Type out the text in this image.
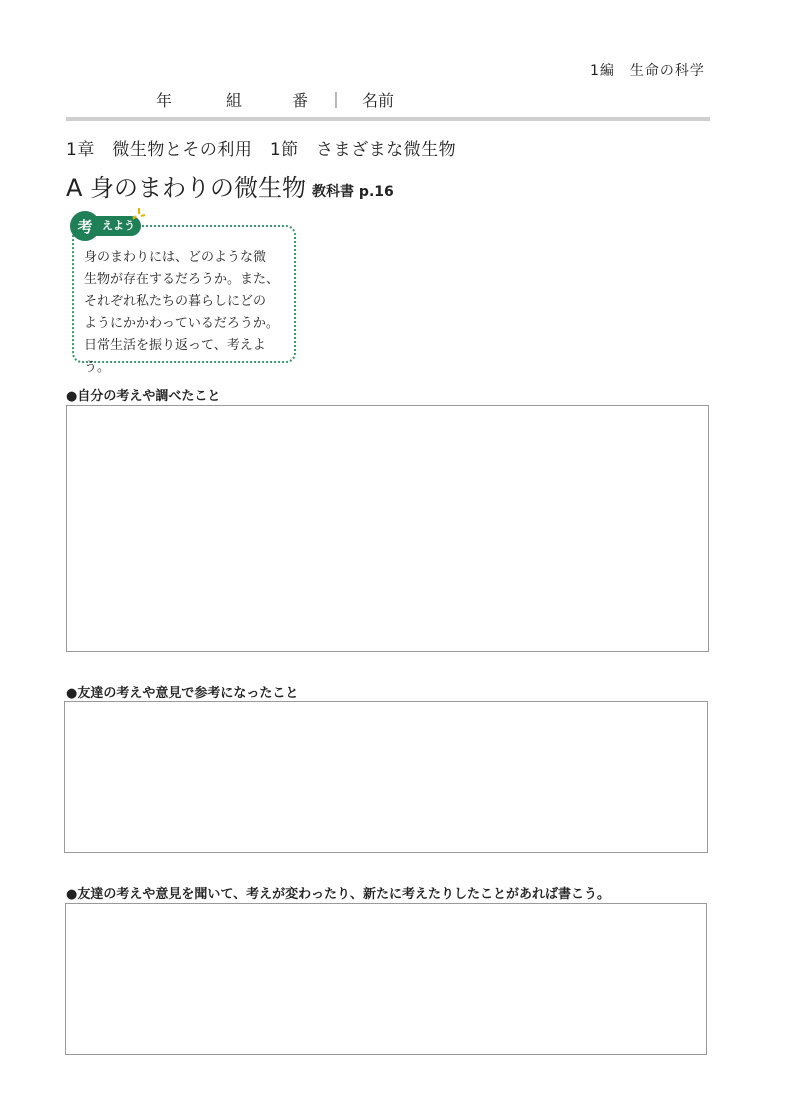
1編　生命の科学
年	組	番 ｜ 名前
1章　微生物とその利用　1節　さまざまな微生物
A 身のまわりの微生物 教科書 p.16
考 えよう
身のまわりには、どのような微
生物が存在するだろうか。また、
それぞれ私たちの暮らしにどの
ようにかかわっているだろうか。
日常生活を振り返って、考えよう。
●自分の考えや調べたこと
●友達の考えや意見で参考になったこと
●友達の考えや意見を聞いて、考えが変わったり、新たに考えたりしたことがあれば書こう。
